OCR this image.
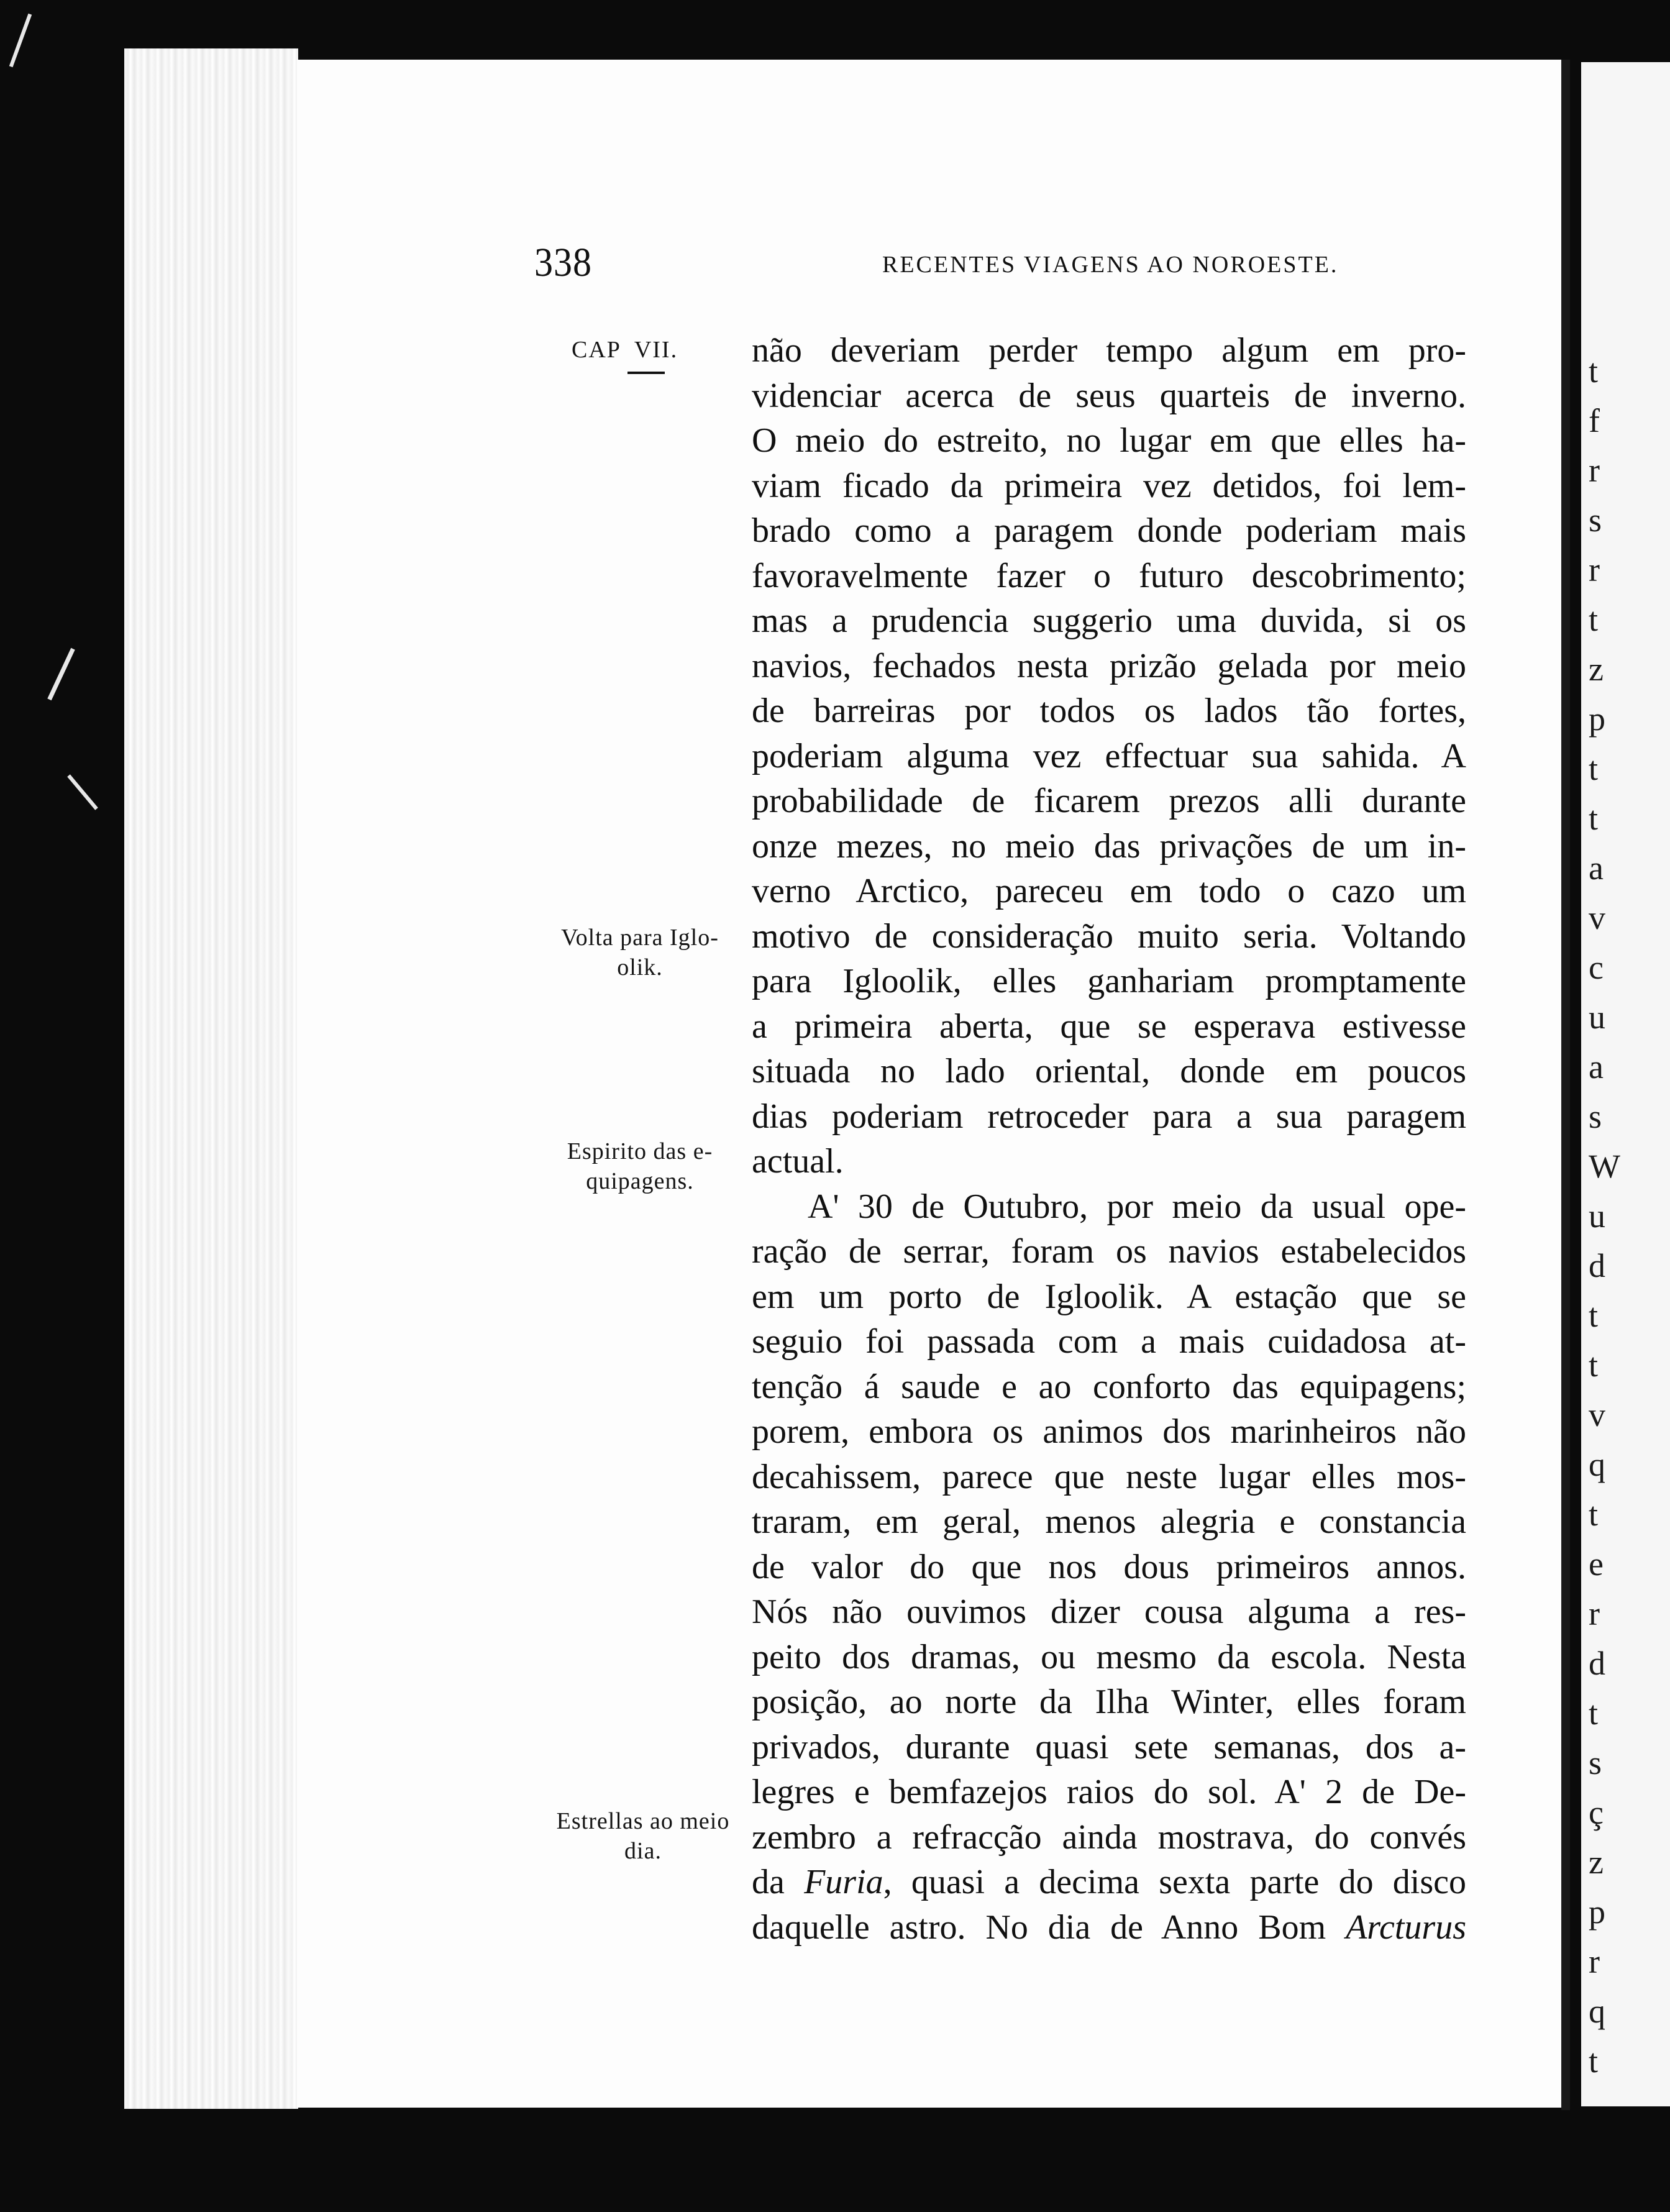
t
f
r
s
r
t
z
p
t
t
a
v
c
u
a
s
W
u
d
t
t
v
q
t
e
r
d
t
s
ç
z
p
r
q
t
338	RECENTES VIAGENS AO NOROESTE.
CAP  VII.
Volta para Iglo-
olik.
Espirito das e-
quipagens.
Estrellas ao meio
dia.
não deveriam perder tempo algum em pro-
videnciar acerca de seus quarteis de inverno.
O meio do estreito, no lugar em que elles ha-
viam ficado da primeira vez detidos, foi lem-
brado como a paragem donde poderiam mais
favoravelmente fazer o futuro descobrimento;
mas a prudencia suggerio uma duvida, si os
navios, fechados nesta prizão gelada por meio
de barreiras por todos os lados tão fortes,
poderiam alguma vez effectuar sua sahida. A
probabilidade de ficarem prezos alli durante
onze mezes, no meio das privações de um in-
verno Arctico, pareceu em todo o cazo um
motivo de consideração muito seria. Voltando
para Igloolik, elles ganhariam promptamente
a primeira aberta, que se esperava estivesse
situada no lado oriental, donde em poucos
dias poderiam retroceder para a sua paragem
actual.
A' 30 de Outubro, por meio da usual ope-
ração de serrar, foram os navios estabelecidos
em um porto de Igloolik. A estação que se
seguio foi passada com a mais cuidadosa at-
tenção á saude e ao conforto das equipagens;
porem, embora os animos dos marinheiros não
decahissem, parece que neste lugar elles mos-
traram, em geral, menos alegria e constancia
de valor do que nos dous primeiros annos.
Nós não ouvimos dizer cousa alguma a res-
peito dos dramas, ou mesmo da escola. Nesta
posição, ao norte da Ilha Winter, elles foram
privados, durante quasi sete semanas, dos a-
legres e bemfazejos raios do sol. A' 2 de De-
zembro a refracção ainda mostrava, do convés
da Furia, quasi a decima sexta parte do disco
daquelle astro. No dia de Anno Bom Arcturus
